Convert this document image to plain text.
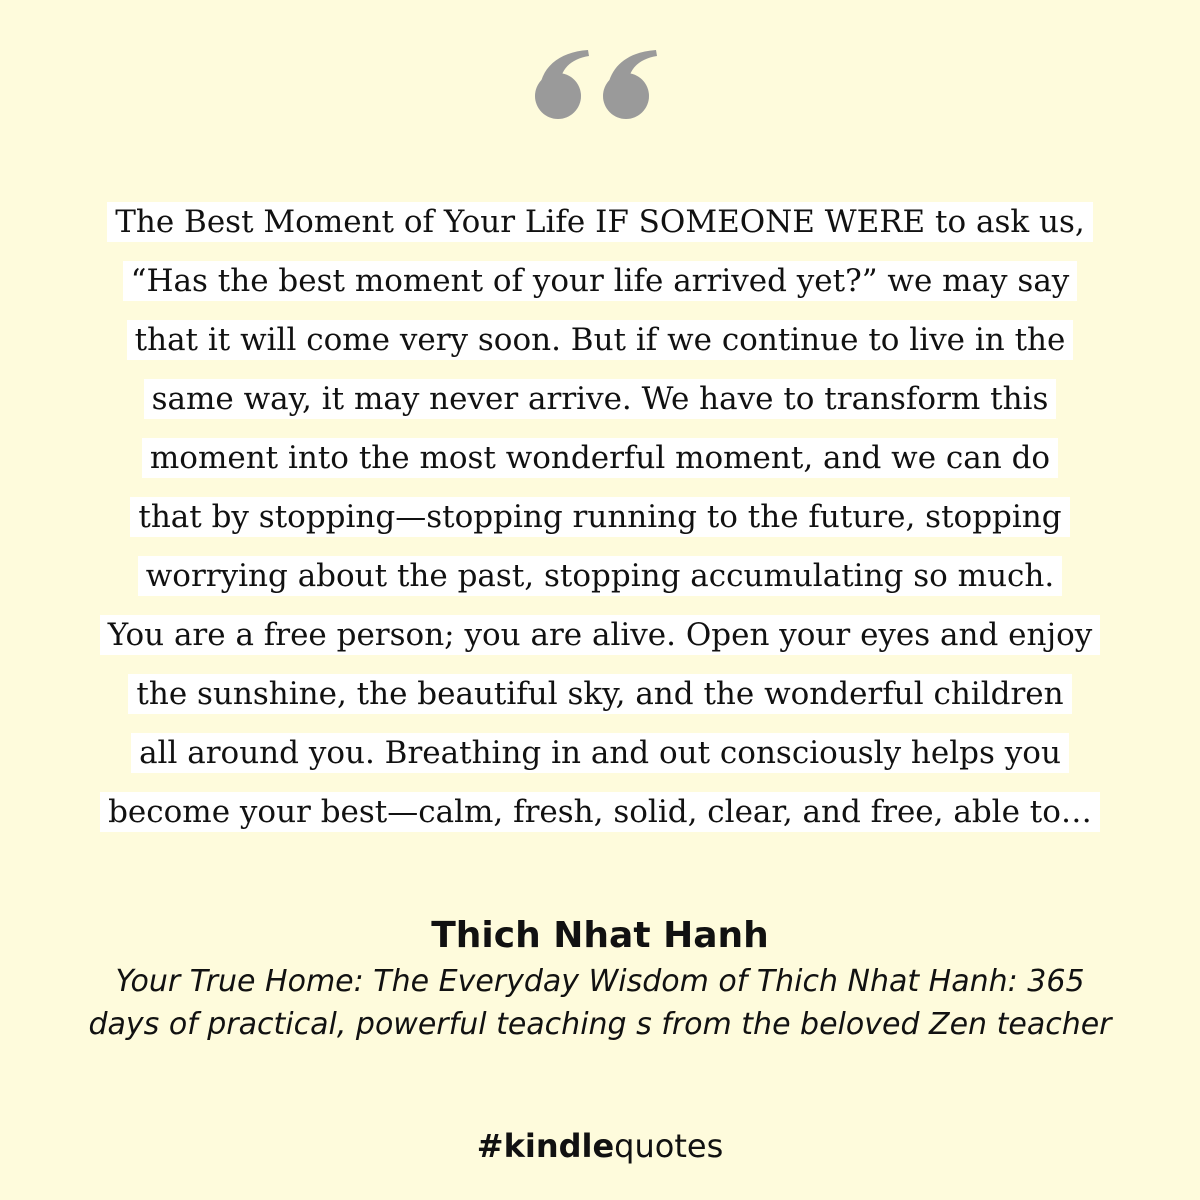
The Best Moment of Your Life IF SOMEONE WERE to ask us,
“Has the best moment of your life arrived yet?” we may say
that it will come very soon. But if we continue to live in the
same way, it may never arrive. We have to transform this
moment into the most wonderful moment, and we can do
that by stopping—stopping running to the future, stopping
worrying about the past, stopping accumulating so much.
You are a free person; you are alive. Open your eyes and enjoy
the sunshine, the beautiful sky, and the wonderful children
all around you. Breathing in and out consciously helps you
become your best—calm, fresh, solid, clear, and free, able to…
Thich Nhat Hanh
Your True Home: The Everyday Wisdom of Thich Nhat Hanh: 365 days of practical, powerful teaching s from the beloved Zen teacher
#kindlequotes
